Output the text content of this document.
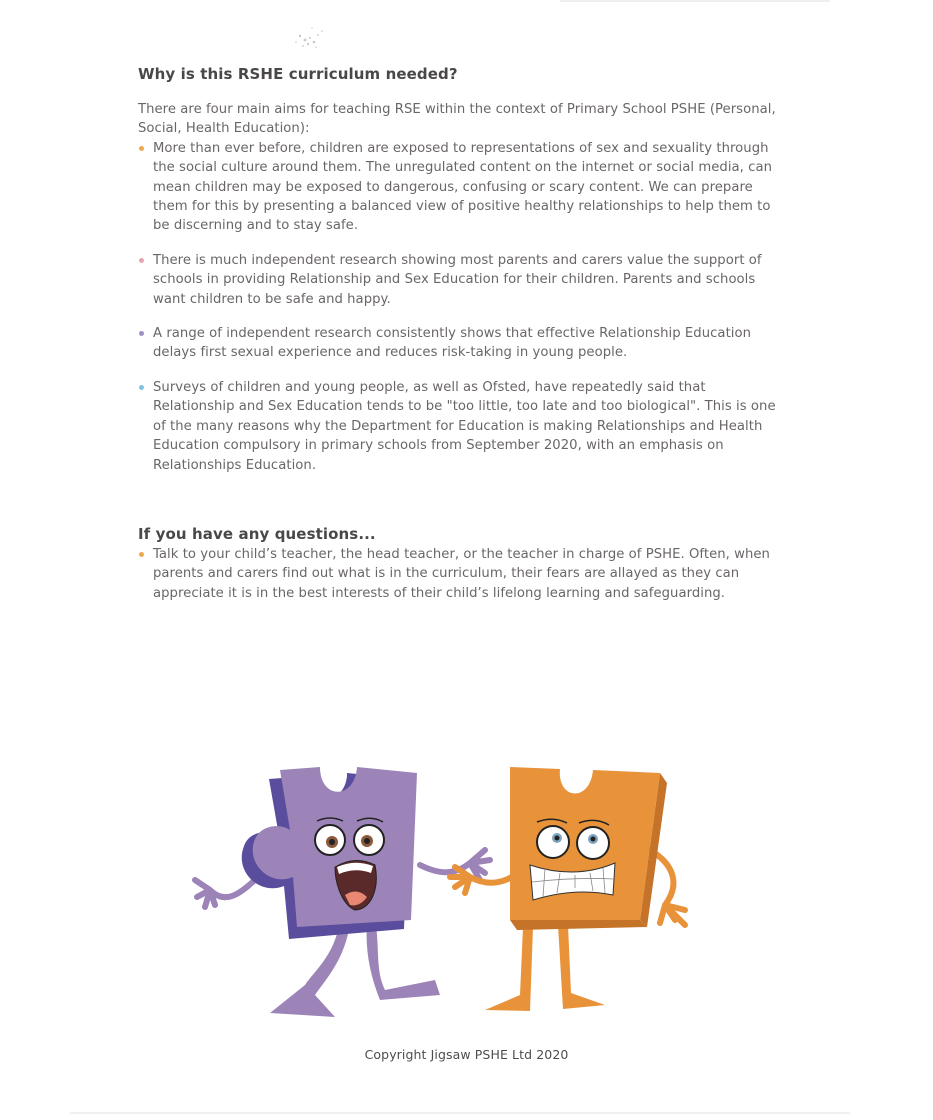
Why is this RSHE curriculum needed?

There are four main aims for teaching RSE within the context of Primary School PSHE (Personal, Social, Health Education):

More than ever before, children are exposed to representations of sex and sexuality through the social culture around them. The unregulated content on the internet or social media, can mean children may be exposed to dangerous, confusing or scary content. We can prepare them for this by presenting a balanced view of positive healthy relationships to help them to be discerning and to stay safe.
There is much independent research showing most parents and carers value the support of schools in providing Relationship and Sex Education for their children. Parents and schools want children to be safe and happy.
A range of independent research consistently shows that effective Relationship Education delays first sexual experience and reduces risk-taking in young people.
Surveys of children and young people, as well as Ofsted, have repeatedly said that Relationship and Sex Education tends to be "too little, too late and too biological". This is one of the many reasons why the Department for Education is making Relationships and Health Education compulsory in primary schools from September 2020, with an emphasis on Relationships Education.
If you have any questions...
Talk to your child’s teacher, the head teacher, or the teacher in charge of PSHE. Often, when parents and carers find out what is in the curriculum, their fears are allayed as they can appreciate it is in the best interests of their child’s lifelong learning and safeguarding.
Copyright Jigsaw PSHE Ltd 2020
